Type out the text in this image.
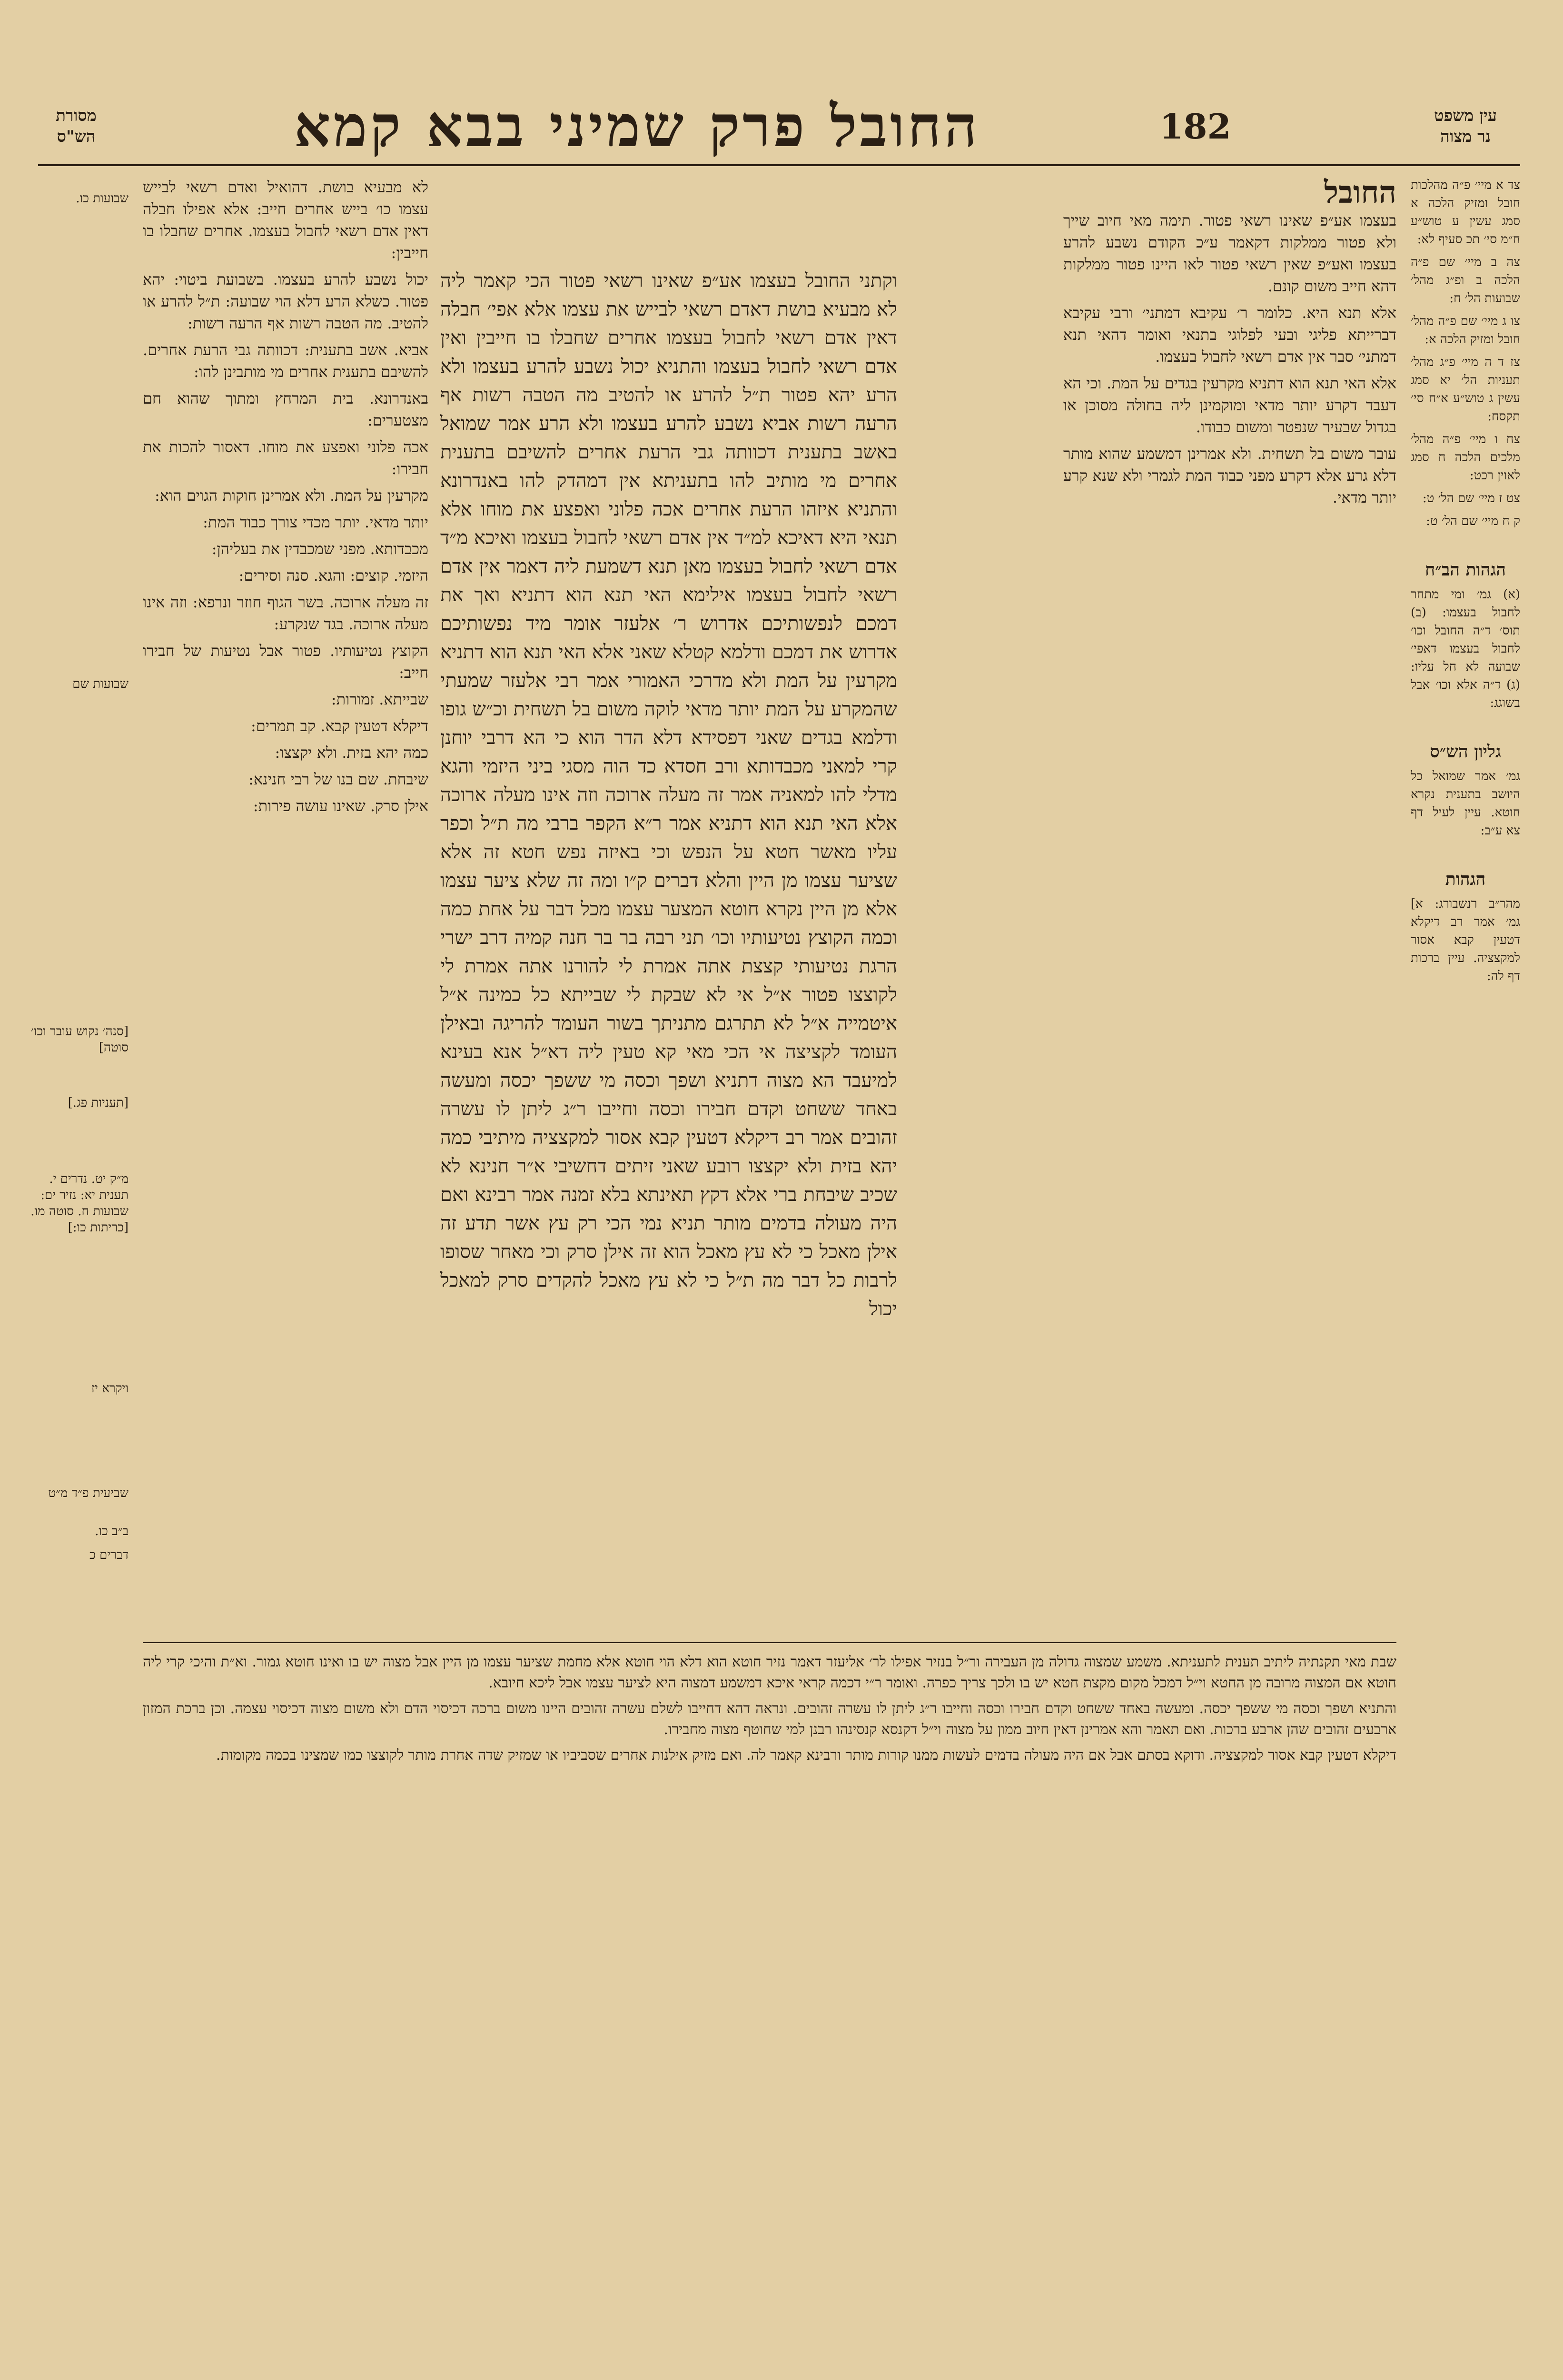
עין משפט
נר מצוה
182
החובל פרק שמיני בבא קמא
מסורת
הש"ס

צד א מיי׳ פ״ה מהלכות חובל ומזיק הלכה א סמג עשין ע טוש״ע ח״מ סי׳ תכ סעיף לא:

צה ב מיי׳ שם פ״ה הלכה ב ופ״ג מהל׳ שבועות הל׳ ח:

צו ג מיי׳ שם פ״ה מהל׳ חובל ומזיק הלכה א:

צז ד ה מיי׳ פ״ג מהל׳ תעניות הל׳ יא סמג עשין ג טוש״ע א״ח סי׳ תקסח:

צח ו מיי׳ פ״ה מהל׳ מלכים הלכה ח סמג לאוין רכט:

צט ז מיי׳ שם הל׳ ט:

ק ח מיי׳ שם הל׳ ט:

הגהות הב״ח
(א) גמ׳ ומי מתחר לחבול בעצמו: (ב) תוס׳ ד״ה החובל וכו׳ לחבול בעצמו דאפי׳ שבועה לא חל עליו: (ג) ד״ה אלא וכו׳ אבל בשוגג:
גליון הש״ס
גמ׳ אמר שמואל כל היושב בתענית נקרא חוטא. עיין לעיל דף צא ע״ב:
הגהות
מהר״ב רנשבורג: א] גמ׳ אמר רב דיקלא דטעין קבא אסור למקצציה. עיין ברכות דף לה:
החובל

בעצמו אע״פ שאינו רשאי פטור. תימה מאי חיוב שייך ולא פטור ממלקות דקאמר ע״כ הקודם נשבע להרע בעצמו ואע״פ שאין רשאי פטור לאו היינו פטור ממלקות דהא חייב משום קונם.

אלא תנא היא. כלומר ר׳ עקיבא דמתני׳ ורבי עקיבא דברייתא פליגי ובעי לפלוגי בתנאי ואומר דהאי תנא דמתני׳ סבר אין אדם רשאי לחבול בעצמו.

אלא האי תנא הוא דתניא מקרעין בגדים על המת. וכי הא דעבד דקרע יותר מדאי ומוקמינן ליה בחולה מסוכן או בגדול שבעיר שנפטר ומשום כבודו.

עובר משום בל תשחית. ולא אמרינן דמשמע שהוא מותר דלא גרע אלא דקרע מפני כבוד המת לגמרי ולא שנא קרע יותר מדאי.

וקתני החובל בעצמו אע״פ שאינו רשאי פטור הכי קאמר ליה לא מבעיא בושת דאדם רשאי לבייש את עצמו אלא אפי׳ חבלה דאין אדם רשאי לחבול בעצמו אחרים שחבלו בו חייבין ואין אדם רשאי לחבול בעצמו והתניא יכול נשבע להרע בעצמו ולא הרע יהא פטור ת״ל להרע או להטיב מה הטבה רשות אף הרעה רשות אביא נשבע להרע בעצמו ולא הרע אמר שמואל באשב בתענית דכוותה גבי הרעת אחרים להשיבם בתענית אחרים מי מותיב להו בתעניתא אין דמהדק להו באנדרונא והתניא איזהו הרעת אחרים אכה פלוני ואפצע את מוחו אלא תנאי היא דאיכא למ״ד אין אדם רשאי לחבול בעצמו ואיכא מ״ד אדם רשאי לחבול בעצמו מאן תנא דשמעת ליה דאמר אין אדם רשאי לחבול בעצמו אילימא האי תנא הוא דתניא ואך את דמכם לנפשותיכם אדרוש ר׳ אלעזר אומר מיד נפשותיכם אדרוש את דמכם ודלמא קטלא שאני אלא האי תנא הוא דתניא מקרעין על המת ולא מדרכי האמורי אמר רבי אלעזר שמעתי שהמקרע על המת יותר מדאי לוקה משום בל תשחית וכ״ש גופו ודלמא בגדים שאני דפסידא דלא הדר הוא כי הא דרבי יוחנן קרי למאני מכבדותא ורב חסדא כד הוה מסגי ביני היזמי והגא מדלי להו למאניה אמר זה מעלה ארוכה וזה אינו מעלה ארוכה אלא האי תנא הוא דתניא אמר ר״א הקפר ברבי מה ת״ל וכפר עליו מאשר חטא על הנפש וכי באיזה נפש חטא זה אלא שציער עצמו מן היין והלא דברים ק״ו ומה זה שלא ציער עצמו אלא מן היין נקרא חוטא המצער עצמו מכל דבר על אחת כמה וכמה הקוצץ נטיעותיו וכו׳ תני רבה בר בר חנה קמיה דרב ישרי הרגת נטיעותי קצצת אתה אמרת לי להורנו אתה אמרת לי לקוצצו פטור א״ל אי לא שבקת לי שבייתא כל כמינה א״ל איטמייה א״ל לא תתרגם מתניתך בשור העומד להריגה ובאילן העומד לקציצה אי הכי מאי קא טעין ליה דא״ל אנא בעינא למיעבד הא מצוה דתניא ושפך וכסה מי ששפך יכסה ומעשה באחד ששחט וקדם חבירו וכסה וחייבו ר״ג ליתן לו עשרה זהובים אמר רב דיקלא דטעין קבא אסור למקצציה מיתיבי כמה יהא בזית ולא יקצצו רובע שאני זיתים דחשיבי א״ר חנינא לא שכיב שיבחת ברי אלא דקץ תאינתא בלא זמנה אמר רבינא ואם היה מעולה בדמים מותר תניא נמי הכי רק עץ אשר תדע זה אילן מאכל כי לא עץ מאכל הוא זה אילן סרק וכי מאחר שסופו לרבות כל דבר מה ת״ל כי לא עץ מאכל להקדים סרק למאכל יכול

לא מבעיא בושת. דהואיל ואדם רשאי לבייש עצמו כו׳ בייש אחרים חייב: אלא אפילו חבלה דאין אדם רשאי לחבול בעצמו. אחרים שחבלו בו חייבין:

יכול נשבע להרע בעצמו. בשבועת ביטוי: יהא פטור. כשלא הרע דלא הוי שבועה: ת״ל להרע או להטיב. מה הטבה רשות אף הרעה רשות:

אביא. אשב בתענית: דכוותה גבי הרעת אחרים. להשיבם בתענית אחרים מי מותבינן להו:

באנדרונא. בית המרחץ ומתוך שהוא חם מצטערים:

אכה פלוני ואפצע את מוחו. דאסור להכות את חבירו:

מקרעין על המת. ולא אמרינן חוקות הגוים הוא:

יותר מדאי. יותר מכדי צורך כבוד המת:

מכבדותא. מפני שמכבדין את בעליהן:

היזמי. קוצים: והגא. סנה וסירים:

זה מעלה ארוכה. בשר הגוף חוזר ונרפא: וזה אינו מעלה ארוכה. בגד שנקרע:

הקוצץ נטיעותיו. פטור אבל נטיעות של חבירו חייב:

שבייתא. זמורות:

דיקלא דטעין קבא. קב תמרים:

כמה יהא בזית. ולא יקצצו:

שיבחת. שם בנו של רבי חנינא:

אילן סרק. שאינו עושה פירות:

שבועות כו.
שבועות שם
[סנה׳ נקוש עובר וכו׳ סוטה]
[תעניות פג.]
מ״ק יט. נדרים י. תענית יא: נזיר ים: שבועות ח. סוטה מו. [כריתות כו:]
ויקרא יז
שביעית פ״ד מ״ט
ב״ב כו.
דברים כ

שבת מאי תקנתיה ליתיב תענית לתעניתא. משמע שמצוה גדולה מן העבירה ור״ל בנזיר אפילו לר׳ אליעזר דאמר נזיר חוטא הוא דלא הוי חוטא אלא מחמת שציער עצמו מן היין אבל מצוה יש בו ואינו חוטא גמור. וא״ת והיכי קרי ליה חוטא אם המצוה מרובה מן החטא וי״ל דמכל מקום מקצת חטא יש בו ולכך צריך כפרה. ואומר ר״י דכמה קראי איכא דמשמע דמצוה היא לציער עצמו אבל ליכא חיובא.

והתניא ושפך וכסה מי ששפך יכסה. ומעשה באחד ששחט וקדם חבירו וכסה וחייבו ר״ג ליתן לו עשרה זהובים. ונראה דהא דחייבו לשלם עשרה זהובים היינו משום ברכה דכיסוי הדם ולא משום מצוה דכיסוי עצמה. וכן ברכת המזון ארבעים זהובים שהן ארבע ברכות. ואם תאמר והא אמרינן דאין חיוב ממון על מצוה וי״ל דקנסא קנסינהו רבנן למי שחוטף מצוה מחבירו.

דיקלא דטעין קבא אסור למקצציה. ודוקא בסתם אבל אם היה מעולה בדמים לעשות ממנו קורות מותר ורבינא קאמר לה. ואם מזיק אילנות אחרים שסביביו או שמזיק שדה אחרת מותר לקוצצו כמו שמצינו בכמה מקומות.
